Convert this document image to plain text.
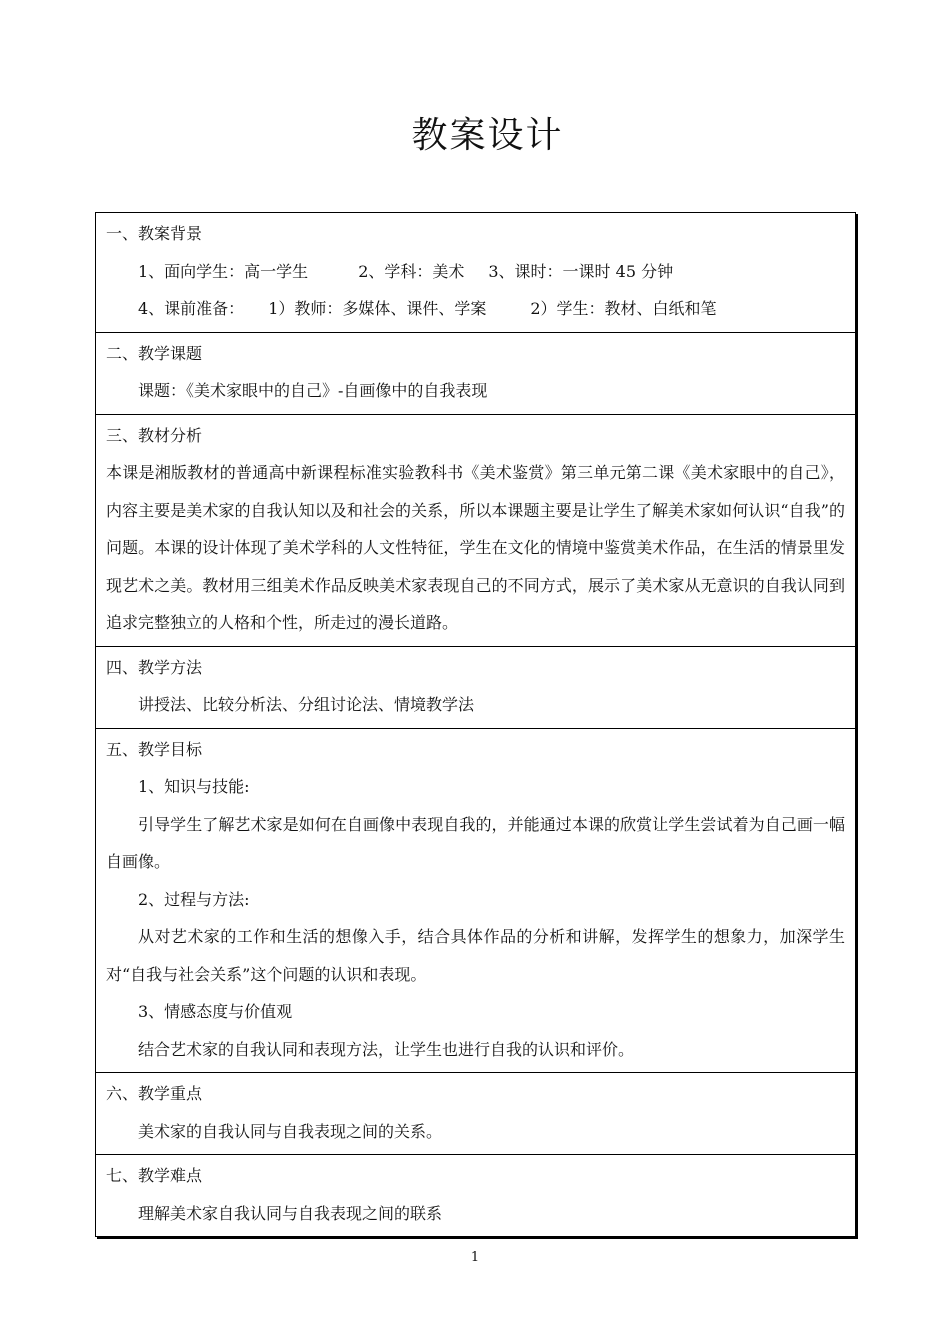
教案设计
一、教案背景
1、面向学生：高一学生	2、学科：美术 3、课时：一课时 45 分钟
4、课前准备： 1）教师：多媒体、课件、学案	2）学生：教材、白纸和笔
二、教学课题
课题：《美术家眼中的自己》-自画像中的自我表现
三、教材分析
本课是湘版教材的普通高中新课程标准实验教科书《美术鉴赏》第三单元第二课《美术家眼中的自己》，内容主要是美术家的自我认知以及和社会的关系，所以本课题主要是让学生了解美术家如何认识“自我”的问题。本课的设计体现了美术学科的人文性特征，学生在文化的情境中鉴赏美术作品，在生活的情景里发现艺术之美。教材用三组美术作品反映美术家表现自己的不同方式，展示了美术家从无意识的自我认同到追求完整独立的人格和个性，所走过的漫长道路。
四、教学方法
讲授法、比较分析法、分组讨论法、情境教学法
五、教学目标
1、知识与技能:
引导学生了解艺术家是如何在自画像中表现自我的，并能通过本课的欣赏让学生尝试着为自己画一幅自画像。
2、过程与方法:
从对艺术家的工作和生活的想像入手，结合具体作品的分析和讲解，发挥学生的想象力，加深学生对“自我与社会关系”这个问题的认识和表现。
3、情感态度与价值观
结合艺术家的自我认同和表现方法，让学生也进行自我的认识和评价。
六、教学重点
美术家的自我认同与自我表现之间的关系。
七、教学难点
理解美术家自我认同与自我表现之间的联系
1
